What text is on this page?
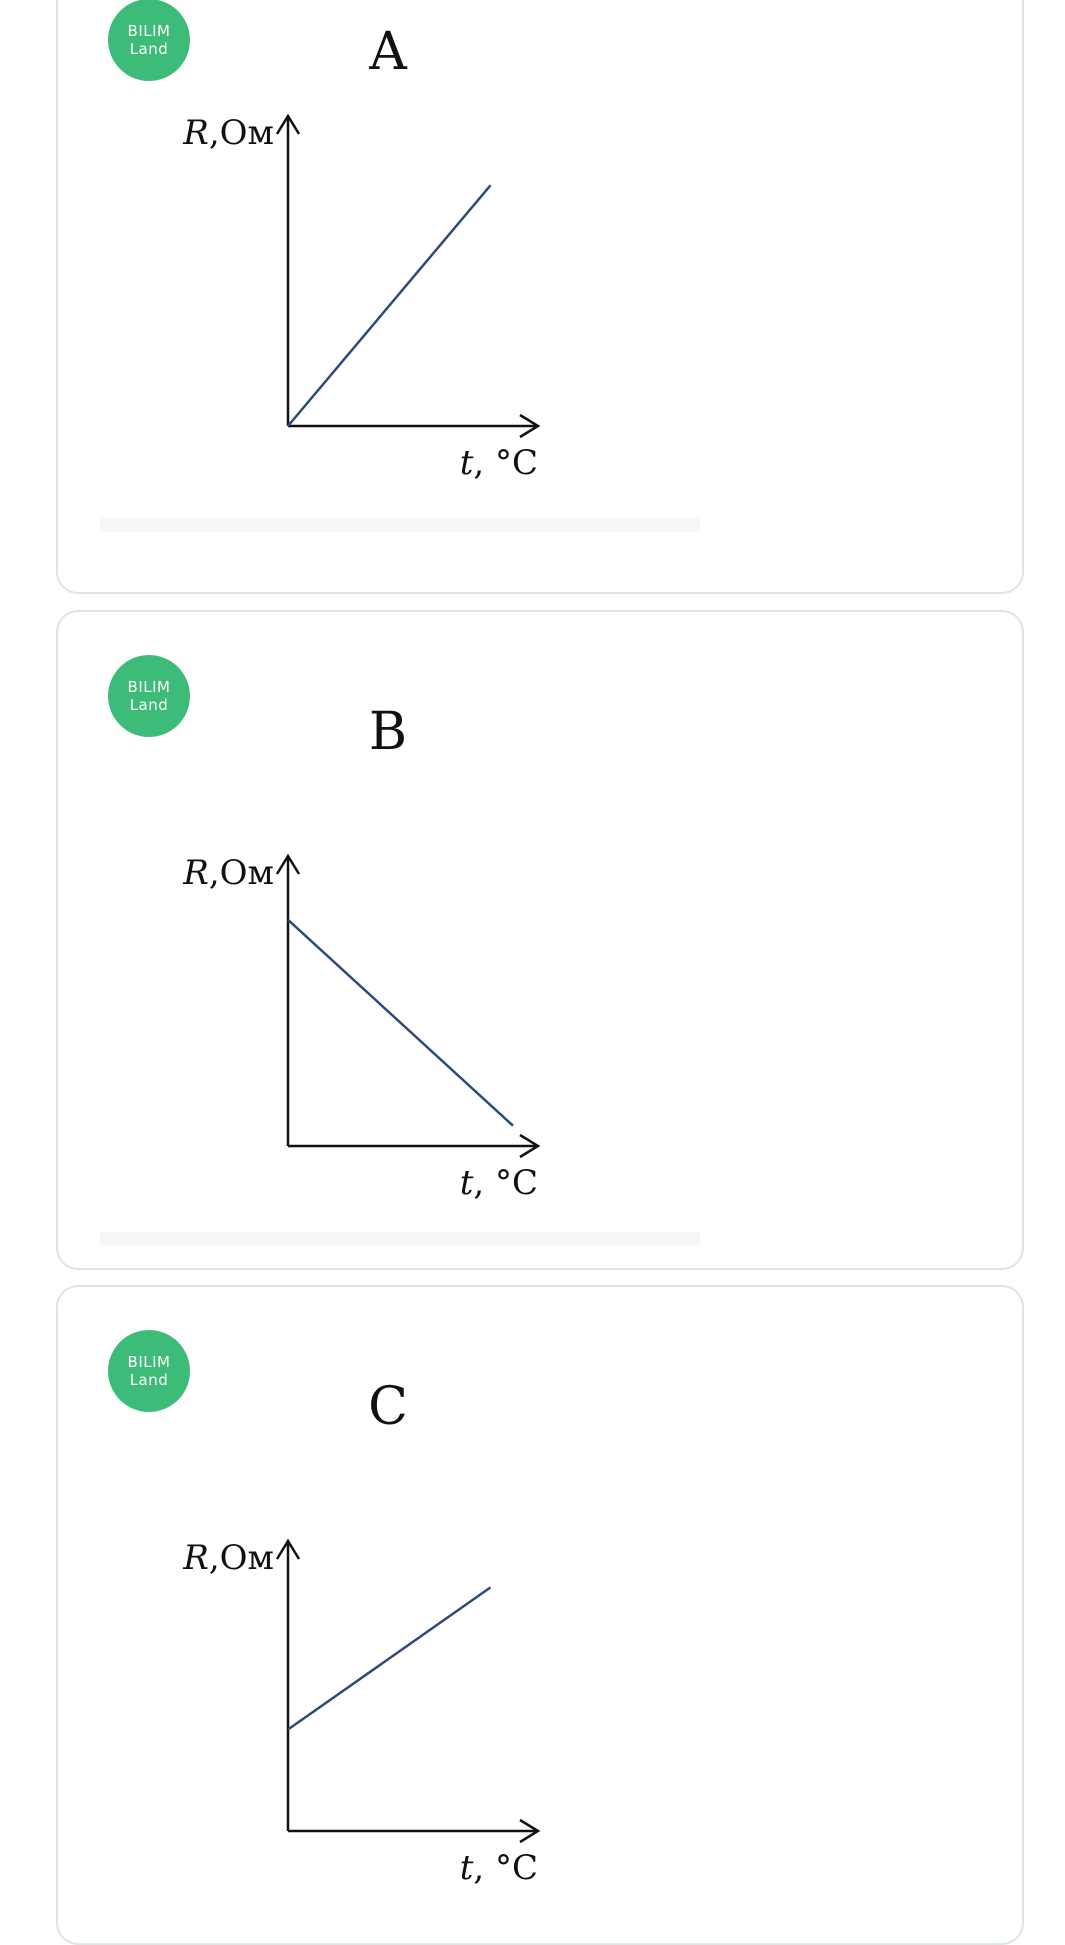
BILIM
Land	A
R,Ом
t, °C
BILIM
Land	B
R,Ом
t, °C
BILIM
Land	C
R,Ом
t, °C
